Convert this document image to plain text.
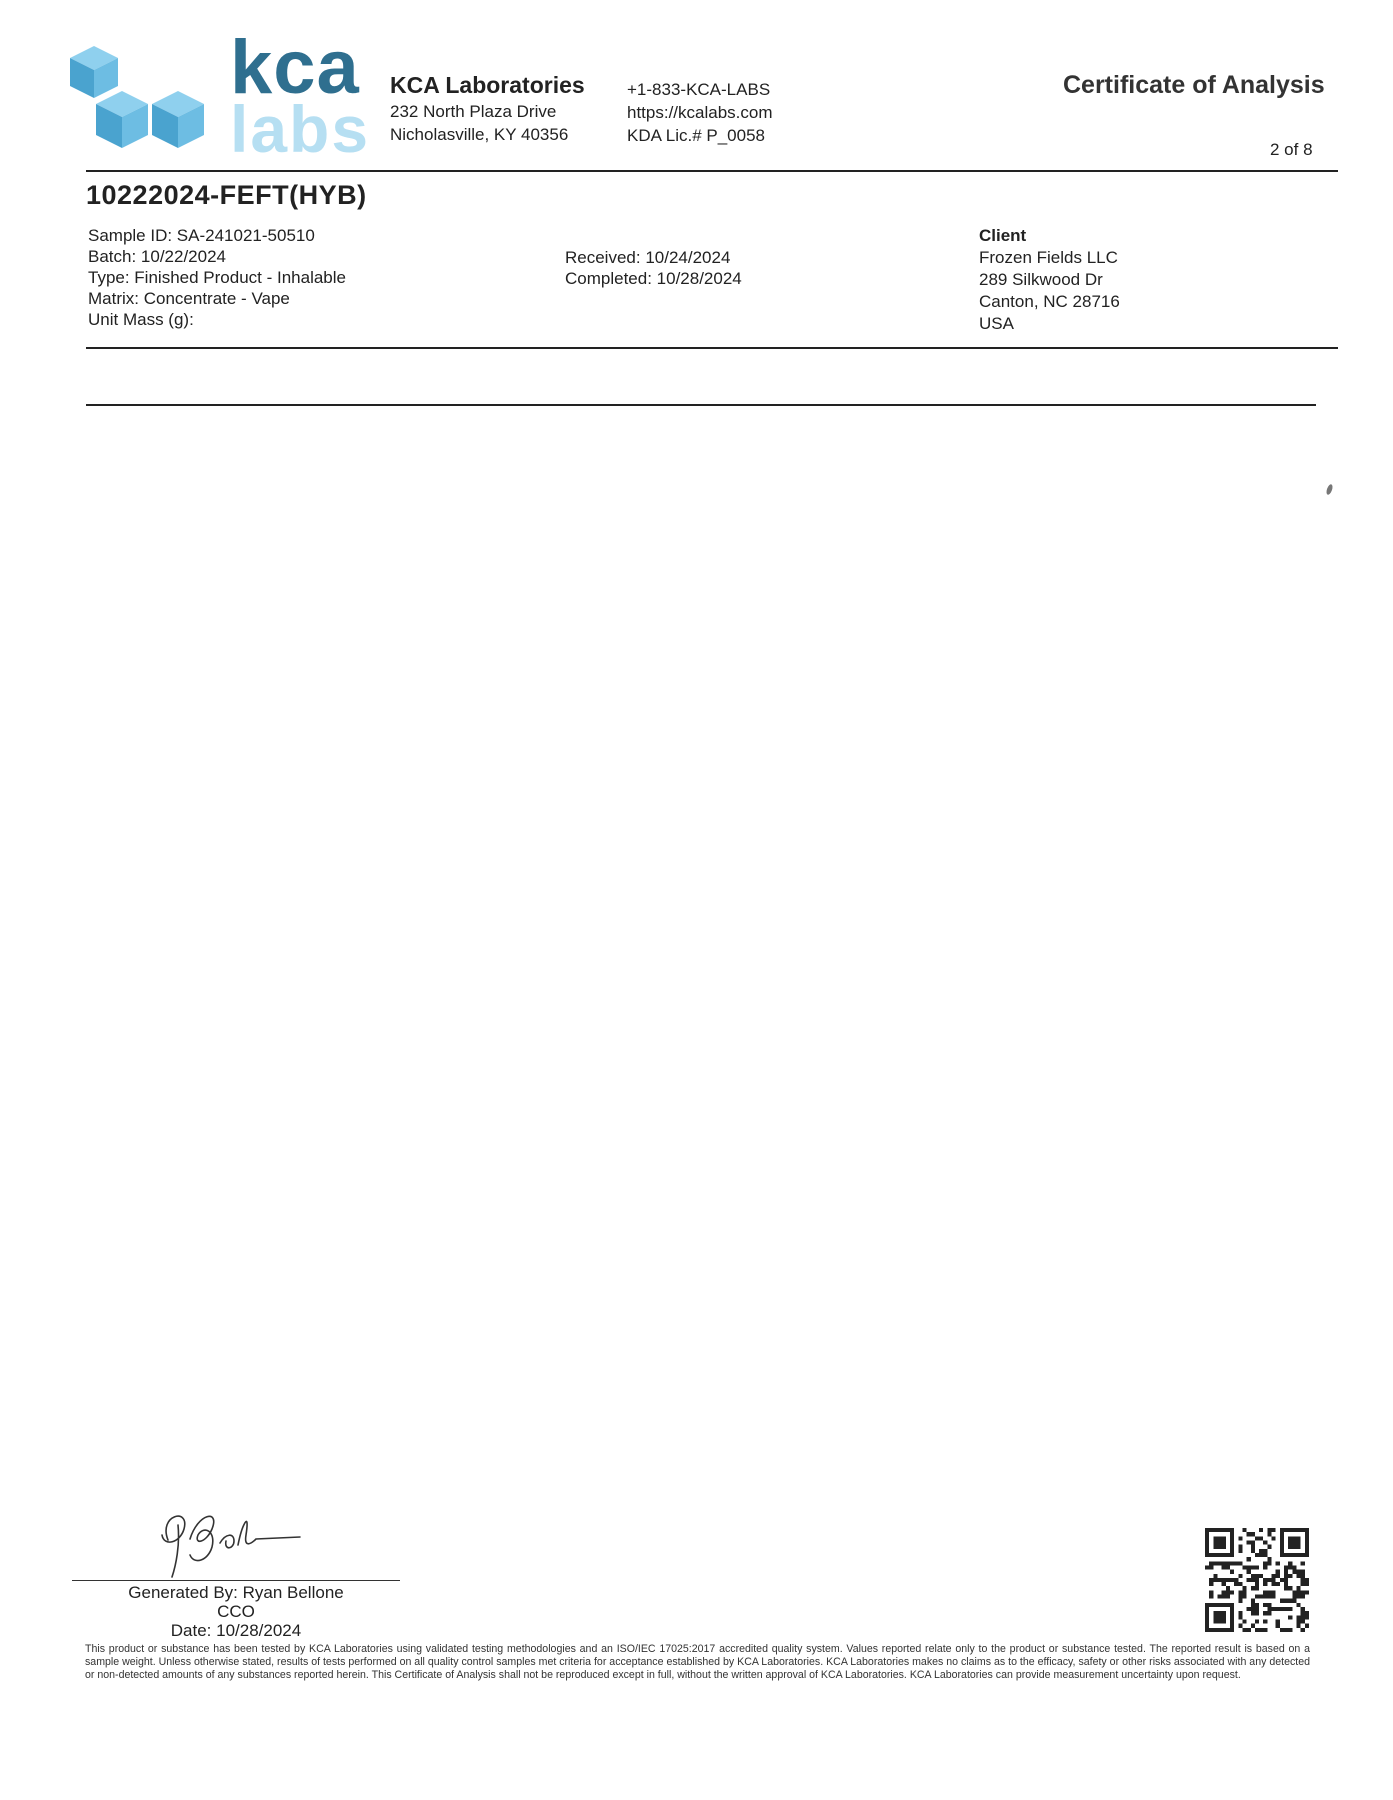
kca
labs
KCA Laboratories
232 North Plaza Drive
Nicholasville, KY 40356
+1-833-KCA-LABS
https://kcalabs.com
KDA Lic.# P_0058
Certificate of Analysis
2 of 8
10222024-FEFT(HYB)
Sample ID: SA-241021-50510
Batch: 10/22/2024
Type: Finished Product - Inhalable
Matrix: Concentrate - Vape
Unit Mass (g):
Received: 10/24/2024
Completed: 10/28/2024
Client
Frozen Fields LLC
289 Silkwood Dr
Canton, NC 28716
USA
Generated By: Ryan Bellone
CCO
Date: 10/28/2024
This product or substance has been tested by KCA Laboratories using validated testing methodologies and an ISO/IEC 17025:2017 accredited quality system. Values reported relate only to the product or substance tested. The reported result is based on a sample weight. Unless otherwise stated, results of tests performed on all quality control samples met criteria for acceptance established by KCA Laboratories. KCA Laboratories makes no claims as to the efficacy, safety or other risks associated with any detected or non-detected amounts of any substances reported herein. This Certificate of Analysis shall not be reproduced except in full, without the written approval of KCA Laboratories. KCA Laboratories can provide measurement uncertainty upon request.
